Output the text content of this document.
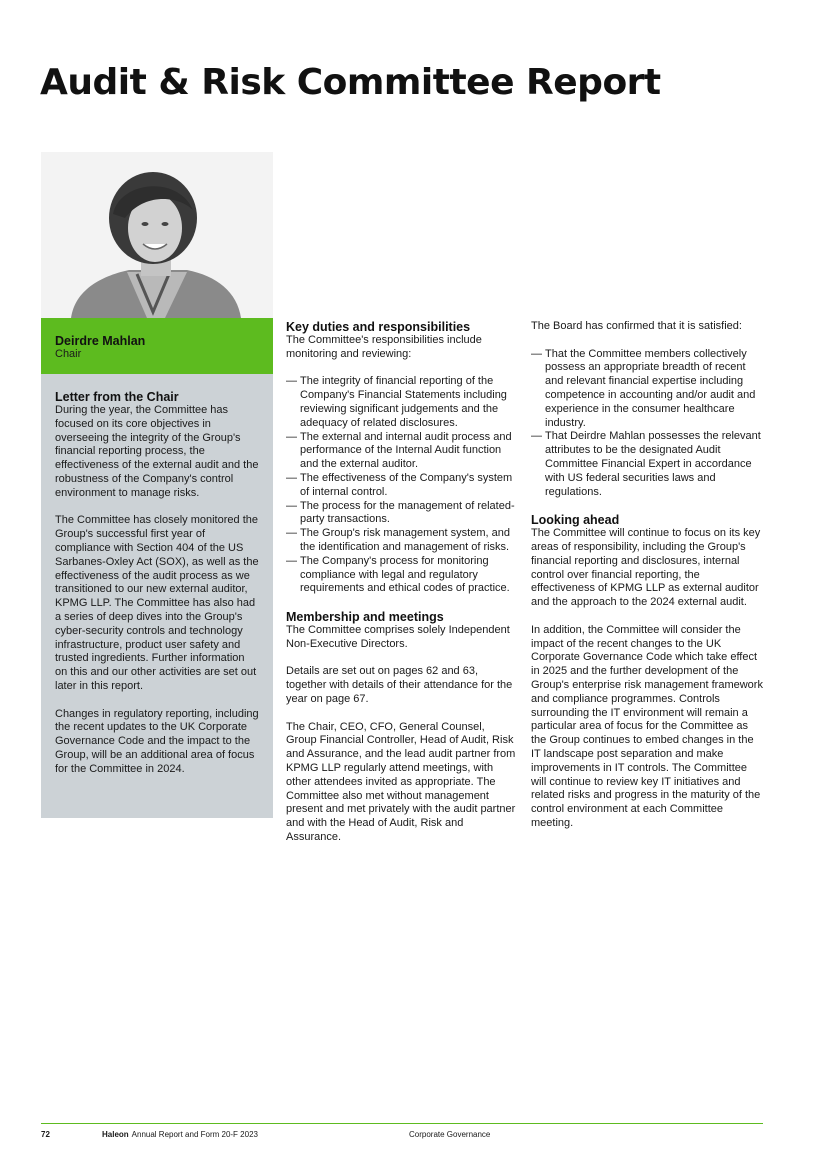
Audit & Risk Committee Report
Deirdre Mahlan
Chair
Letter from the Chair

During the year, the Committee has focused on its core objectives in overseeing the integrity of the Group's financial reporting process, the effectiveness of the external audit and the robustness of the Company's control environment to manage risks.

The Committee has closely monitored the Group's successful first year of compliance with Section 404 of the US Sarbanes-Oxley Act (SOX), as well as the effectiveness of the audit process as we transitioned to our new external auditor, KPMG LLP. The Committee has also had a series of deep dives into the Group's cyber-security controls and technology infrastructure, product user safety and trusted ingredients. Further information on this and our other activities are set out later in this report.

Changes in regulatory reporting, including the recent updates to the UK Corporate Governance Code and the impact to the Group, will be an additional area of focus for the Committee in 2024.

Key duties and responsibilities

The Committee's responsibilities include monitoring and reviewing:

— The integrity of financial reporting of the Company's Financial Statements including reviewing significant judgements and the adequacy of related disclosures.
— The external and internal audit process and performance of the Internal Audit function and the external auditor.
— The effectiveness of the Company's system of internal control.
— The process for the management of related-party transactions.
— The Group's risk management system, and the identification and management of risks.
— The Company's process for monitoring compliance with legal and regulatory requirements and ethical codes of practice.
Membership and meetings

The Committee comprises solely Independent Non-Executive Directors.

Details are set out on pages 62 and 63, together with details of their attendance for the year on page 67.

The Chair, CEO, CFO, General Counsel, Group Financial Controller, Head of Audit, Risk and Assurance, and the lead audit partner from KPMG LLP regularly attend meetings, with other attendees invited as appropriate. The Committee also met without management present and met privately with the audit partner and with the Head of Audit, Risk and Assurance.

The Board has confirmed that it is satisfied:

— That the Committee members collectively possess an appropriate breadth of recent and relevant financial expertise including competence in accounting and/or audit and experience in the consumer healthcare industry.
— That Deirdre Mahlan possesses the relevant attributes to be the designated Audit Committee Financial Expert in accordance with US federal securities laws and regulations.
Looking ahead

The Committee will continue to focus on its key areas of responsibility, including the Group's financial reporting and disclosures, internal control over financial reporting, the effectiveness of KPMG LLP as external auditor and the approach to the 2024 external audit.

In addition, the Committee will consider the impact of the recent changes to the UK Corporate Governance Code which take effect in 2025 and the further development of the Group's enterprise risk management framework and compliance programmes. Controls surrounding the IT environment will remain a particular area of focus for the Committee as the Group continues to embed changes in the IT landscape post separation and make improvements in IT controls. The Committee will continue to review key IT initiatives and related risks and progress in the maturity of the control environment at each Committee meeting.

72	Haleon Annual Report and Form 20-F 2023	Corporate Governance
